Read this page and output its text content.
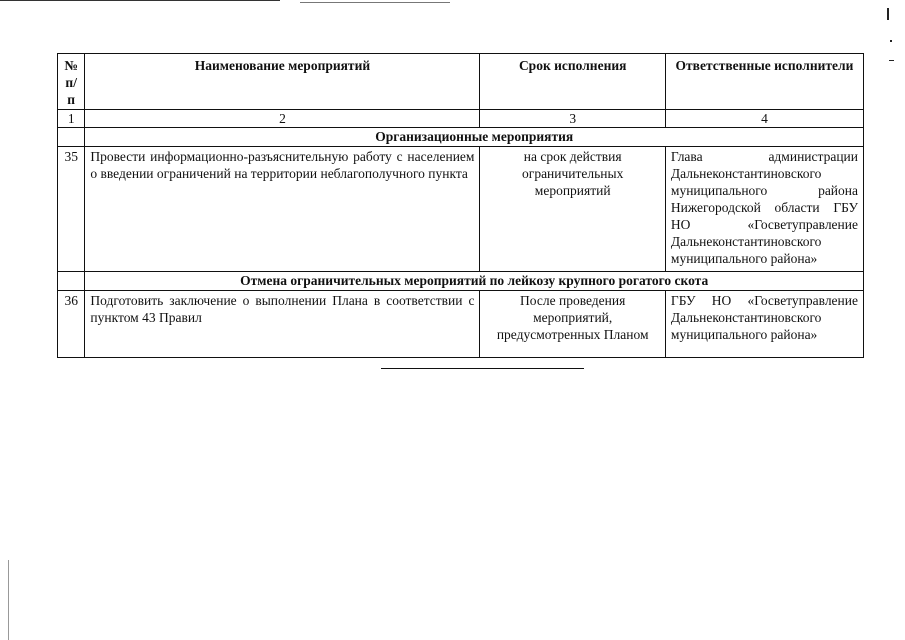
№ п/п	Наименование мероприятий	Срок исполнения	Ответственные исполнители
1	2	3	4
	Организационные мероприятия		
35	Провести информационно-разъяснительную работу с населением о введении ограничений на территории неблагополучного пункта	на срок действия ограничительных мероприятий	Глава администрации Дальнеконстантиновского муниципального района Нижегородской области ГБУ НО «Госветуправление Дальнеконстантиновского муниципального района»
	Отмена ограничительных мероприятий по лейкозу крупного рогатого скота		
36	Подготовить заключение о выполнении Плана в соответствии с пунктом 43 Правил	После проведения мероприятий, предусмотренных Планом	ГБУ НО «Госветуправление Дальнеконстантиновского муниципального района»
